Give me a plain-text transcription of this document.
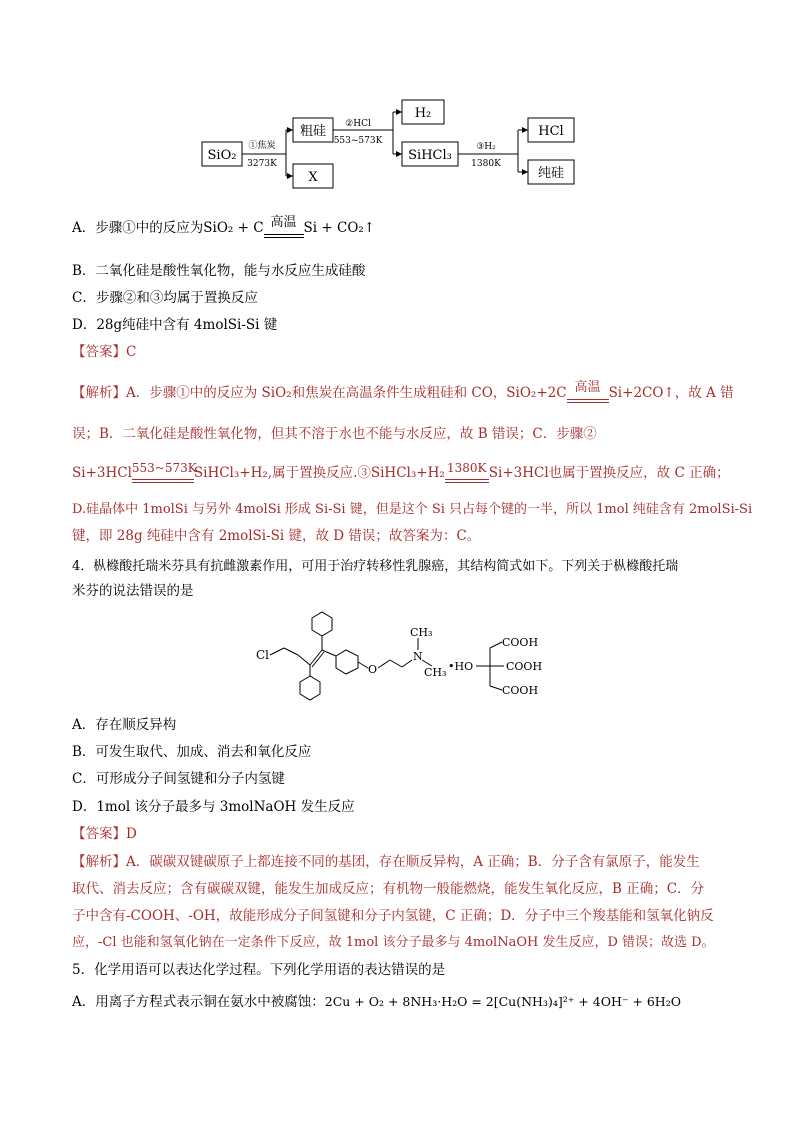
SiO₂
①焦炭
3273K
粗硅
X
②HCl
553~573K
H₂
SiHCl₃
③H₂
1380K
HCl
纯硅
A．步骤①中的反应为SiO₂ + C 高温 Si + CO₂↑
B．二氧化硅是酸性氧化物，能与水反应生成硅酸
C．步骤②和③均属于置换反应
D．28g纯硅中含有 4molSi-Si 键
【答案】C
【解析】A．步骤①中的反应为 SiO₂和焦炭在高温条件生成粗硅和 CO，SiO₂+2C 高温 Si+2CO↑，故 A 错
误；B．二氧化硅是酸性氧化物，但其不溶于水也不能与水反应，故 B 错误；C．步骤②
Si+3HCl 553~573K
SiHCl₃+H₂,属于置换反应.③SiHCl₃+H₂ 1380K Si+3HCl也属于置换反应，故 C 正确；
D.硅晶体中 1molSi 与另外 4molSi 形成 Si-Si 键，但是这个 Si 只占每个键的一半，所以 1mol 纯硅含有 2molSi-Si
键，即 28g 纯硅中含有 2molSi-Si 键，故 D 错误；故答案为：C。
4．枞橼酸托瑞米芬具有抗雌激素作用，可用于治疗转移性乳腺癌，其结构简式如下。下列关于枞橼酸托瑞
米芬的说法错误的是
Cl
O
N
CH₃
CH₃ •HO
COOH
COOH
COOH
A．存在顺反异构
B．可发生取代、加成、消去和氧化反应
C．可形成分子间氢键和分子内氢键
D．1mol 该分子最多与 3molNaOH 发生反应
【答案】D
【解析】A．碳碳双键碳原子上都连接不同的基团，存在顺反异构，A 正确；B．分子含有氯原子，能发生
取代、消去反应；含有碳碳双键，能发生加成反应；有机物一般能燃烧，能发生氧化反应，B 正确；C．分
子中含有-COOH、-OH，故能形成分子间氢键和分子内氢键，C 正确；D．分子中三个羧基能和氢氧化钠反
应，-Cl 也能和氢氧化钠在一定条件下反应，故 1mol 该分子最多与 4molNaOH 发生反应，D 错误；故选 D。
5．化学用语可以表达化学过程。下列化学用语的表达错误的是
A．用离子方程式表示铜在氨水中被腐蚀：2Cu + O₂ + 8NH₃·H₂O = 2[Cu(NH₃)₄]²⁺ + 4OH⁻ + 6H₂O
